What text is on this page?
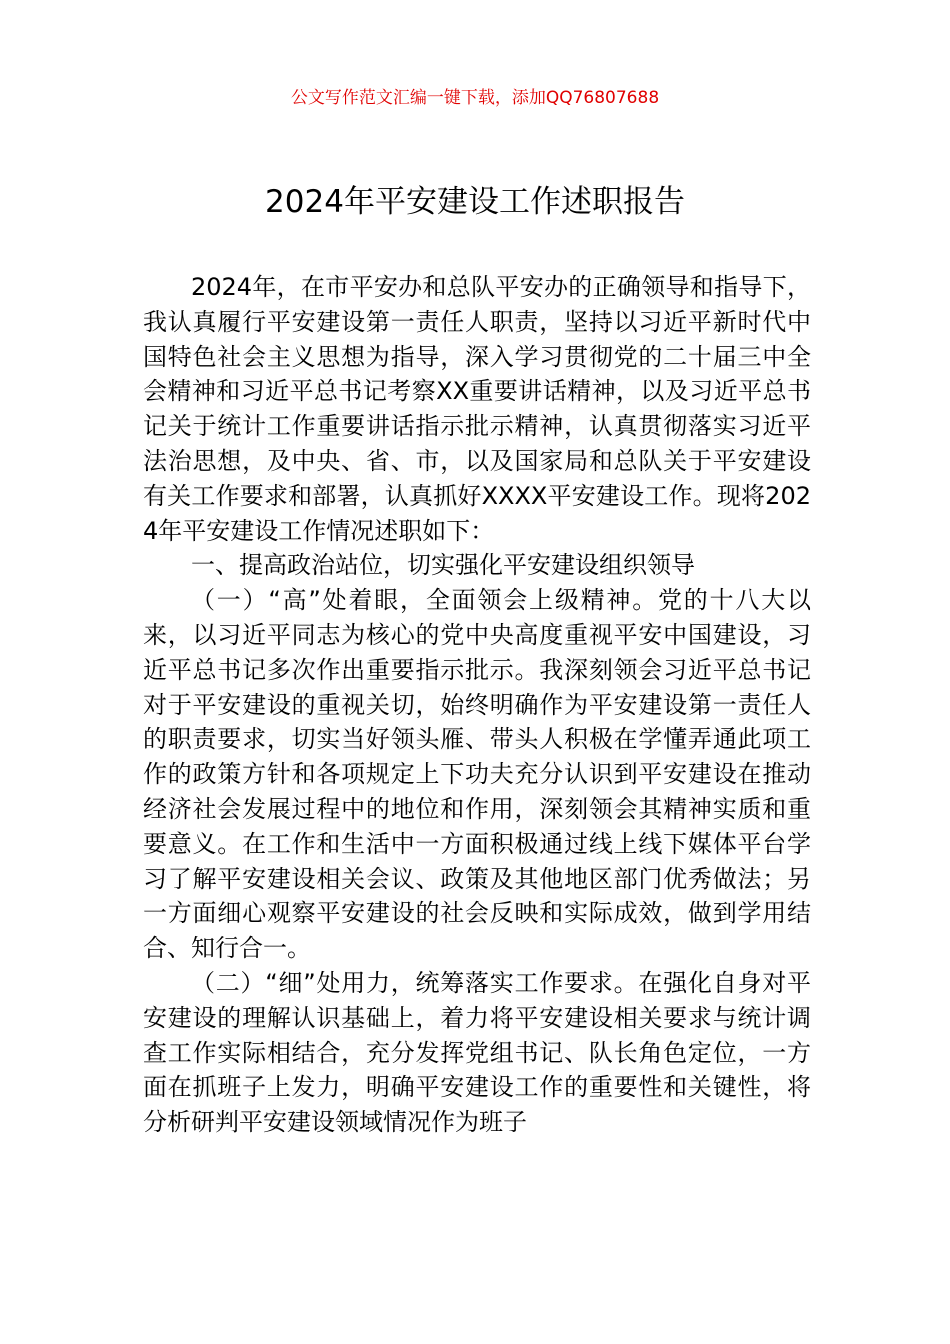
公文写作范文汇编一键下载，添加QQ76807688
2024年平安建设工作述职报告

2024年，在市平安办和总队平安办的正确领导和指导下，我认真履行平安建设第一责任人职责，坚持以习近平新时代中国特色社会主义思想为指导，深入学习贯彻党的二十届三中全会精神和习近平总书记考察XX重要讲话精神，以及习近平总书记关于统计工作重要讲话指示批示精神，认真贯彻落实习近平法治思想，及中央、省、市，以及国家局和总队关于平安建设有关工作要求和部署，认真抓好XXXX平安建设工作。现将2024年平安建设工作情况述职如下：

一、提高政治站位，切实强化平安建设组织领导

（一）“高”处着眼，全面领会上级精神。党的十八大以来，以习近平同志为核心的党中央高度重视平安中国建设，习近平总书记多次作出重要指示批示。我深刻领会习近平总书记对于平安建设的重视关切，始终明确作为平安建设第一责任人的职责要求，切实当好领头雁、带头人积极在学懂弄通此项工作的政策方针和各项规定上下功夫充分认识到平安建设在推动经济社会发展过程中的地位和作用，深刻领会其精神实质和重要意义。在工作和生活中一方面积极通过线上线下媒体平台学习了解平安建设相关会议、政策及其他地区部门优秀做法；另一方面细心观察平安建设的社会反映和实际成效，做到学用结合、知行合一。

（二）“细”处用力，统筹落实工作要求。在强化自身对平安建设的理解认识基础上，着力将平安建设相关要求与统计调查工作实际相结合，充分发挥党组书记、队长角色定位，一方面在抓班子上发力，明确平安建设工作的重要性和关键性，将分析研判平安建设领域情况作为班子
